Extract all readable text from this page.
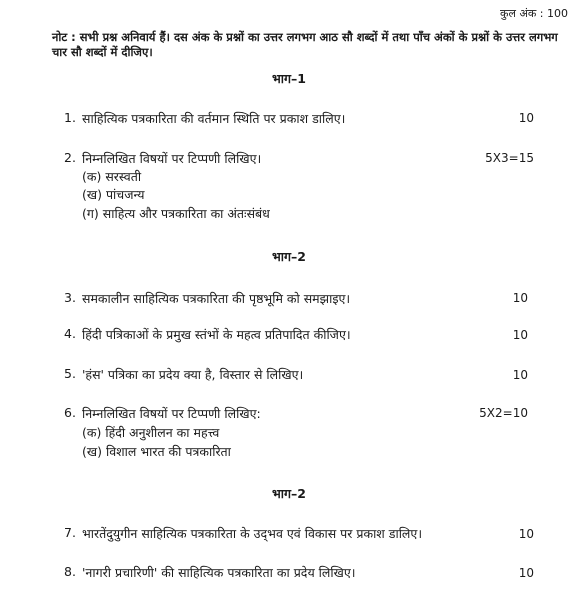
कुल अंक : 100
नोट : सभी प्रश्न अनिवार्य हैं। दस अंक के प्रश्नों का उत्तर लगभग आठ सौ शब्दों में तथा पाँच अंकों के प्रश्नों के उत्तर लगभग चार सौ शब्दों में दीजिए।
भाग–1
1. साहित्यिक पत्रकारिता की वर्तमान स्थिति पर प्रकाश डालिए।	10
2. निम्नलिखित विषयों पर टिप्पणी लिखिए।	5X3=15
(क) सरस्वती
(ख) पांचजन्य
(ग) साहित्य और पत्रकारिता का अंतःसंबंध
भाग–2
3. समकालीन साहित्यिक पत्रकारिता की पृष्ठभूमि को समझाइए।	10
4. हिंदी पत्रिकाओं के प्रमुख स्तंभों के महत्व प्रतिपादित कीजिए।	10
5. 'हंस' पत्रिका का प्रदेय क्या है, विस्तार से लिखिए।	10
6. निम्नलिखित विषयों पर टिप्पणी लिखिए:	5X2=10
(क) हिंदी अनुशीलन का महत्त्व
(ख) विशाल भारत की पत्रकारिता
भाग–2
7. भारतेंदुयुगीन साहित्यिक पत्रकारिता के उद्‌भव एवं विकास पर प्रकाश डालिए।	10
8. 'नागरी प्रचारिणी' की साहित्यिक पत्रकारिता का प्रदेय लिखिए।	10
